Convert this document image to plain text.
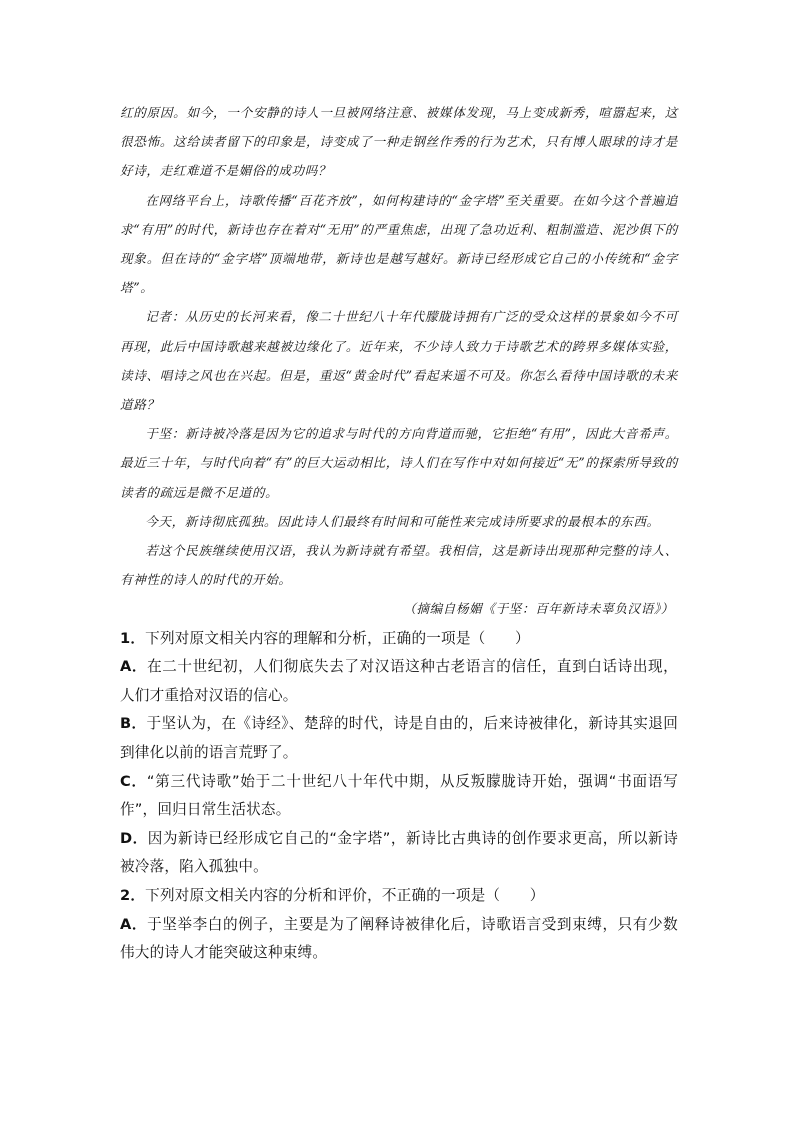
红的原因。如今，一个安静的诗人一旦被网络注意、被媒体发现，马上变成新秀，喧嚣起来，这很恐怖。这给读者留下的印象是，诗变成了一种走钢丝作秀的行为艺术，只有博人眼球的诗才是好诗，走红难道不是媚俗的成功吗？

在网络平台上，诗歌传播“百花齐放”，如何构建诗的“金字塔”至关重要。在如今这个普遍追求“有用”的时代，新诗也存在着对“无用”的严重焦虑，出现了急功近利、粗制滥造、泥沙俱下的现象。但在诗的“金字塔”顶端地带，新诗也是越写越好。新诗已经形成它自己的小传统和“金字塔”。

记者：从历史的长河来看，像二十世纪八十年代朦胧诗拥有广泛的受众这样的景象如今不可再现，此后中国诗歌越来越被边缘化了。近年来，不少诗人致力于诗歌艺术的跨界多媒体实验，读诗、唱诗之风也在兴起。但是，重返“黄金时代”看起来遥不可及。你怎么看待中国诗歌的未来道路？

于坚：新诗被冷落是因为它的追求与时代的方向背道而驰，它拒绝“有用”，因此大音希声。最近三十年，与时代向着“有”的巨大运动相比，诗人们在写作中对如何接近“无”的探索所导致的读者的疏远是微不足道的。

今天，新诗彻底孤独。因此诗人们最终有时间和可能性来完成诗所要求的最根本的东西。

若这个民族继续使用汉语，我认为新诗就有希望。我相信，这是新诗出现那种完整的诗人、有神性的诗人的时代的开始。

（摘编自杨媚《于坚：百年新诗未辜负汉语》）

1．下列对原文相关内容的理解和分析，正确的一项是（　　）

A．在二十世纪初，人们彻底失去了对汉语这种古老语言的信任，直到白话诗出现，人们才重拾对汉语的信心。

B．于坚认为，在《诗经》、楚辞的时代，诗是自由的，后来诗被律化，新诗其实退回到律化以前的语言荒野了。

C．“第三代诗歌”始于二十世纪八十年代中期，从反叛朦胧诗开始，强调“书面语写作”，回归日常生活状态。

D．因为新诗已经形成它自己的“金字塔”，新诗比古典诗的创作要求更高，所以新诗被冷落，陷入孤独中。

2．下列对原文相关内容的分析和评价，不正确的一项是（　　）

A．于坚举李白的例子，主要是为了阐释诗被律化后，诗歌语言受到束缚，只有少数伟大的诗人才能突破这种束缚。
